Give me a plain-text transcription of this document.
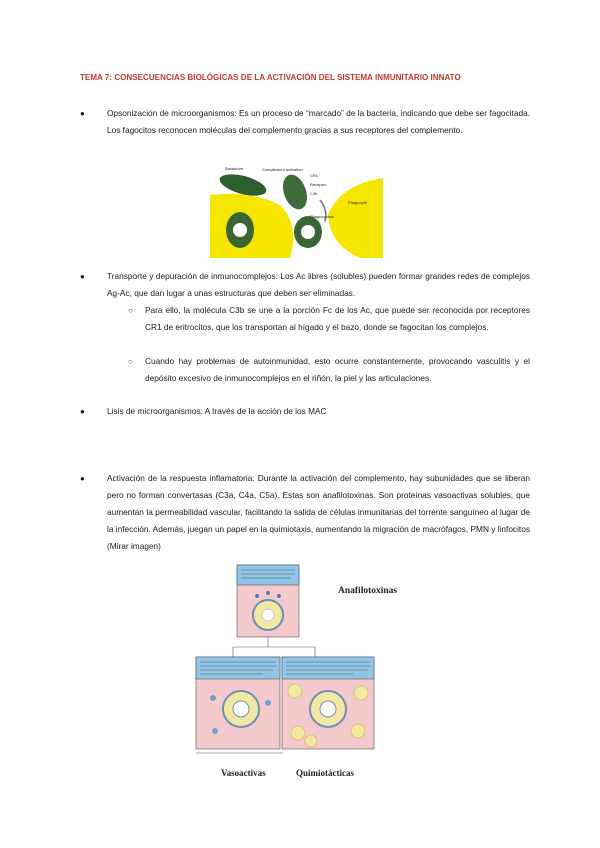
TEMA 7: CONSECUENCIAS BIOLÓGICAS DE LA ACTIVACIÓN DEL SISTEMA INMUNITARIO INNATO
●	Opsonización de microorganismos: Es un proceso de “marcado” de la bacteria, indicando que debe ser fagocitada. Los fagocitos reconocen moléculas del complemento gracias a sus receptores del complemento.
Bacterium	Complement activation
CR1
Receptor
C3b
Phagocyte
Phagocytosis
●	Transporte y depuración de inmunocomplejos: Los Ac libres (solubles) pueden formar grandes redes de complejos Ag-Ac, que dan lugar a unas estructuras que deben ser eliminadas.
○ Para ello, la molécula C3b se une a la porción Fc de los Ac, que puede ser reconocida por receptores CR1 de eritrocitos, que los transportan al hígado y el bazo, donde se fagocitan los complejos.
○ Cuando hay problemas de autoinmunidad, esto ocurre constantemente, provocando vasculitis y el depósito excesivo de inmunocomplejos en el riñón, la piel y las articulaciones.
●	Lisis de microorganismos: A través de la acción de los MAC
●	Activación de la respuesta inflamatoria: Durante la activación del complemento, hay subunidades que se liberan pero no forman convertasas (C3a, C4a, C5a). Estas son anafilotoxinas. Son proteínas vasoactivas solubles, que aumentan la permeabilidad vascular, facilitando la salida de células inmunitarias del torrente sanguíneo al lugar de la infección. Además, juegan un papel en la quimiotaxis, aumentando la migración de macrófagos, PMN y linfocitos (Mirar imagen)
Anafilotoxinas
Vasoactivas	Quimiotácticas
